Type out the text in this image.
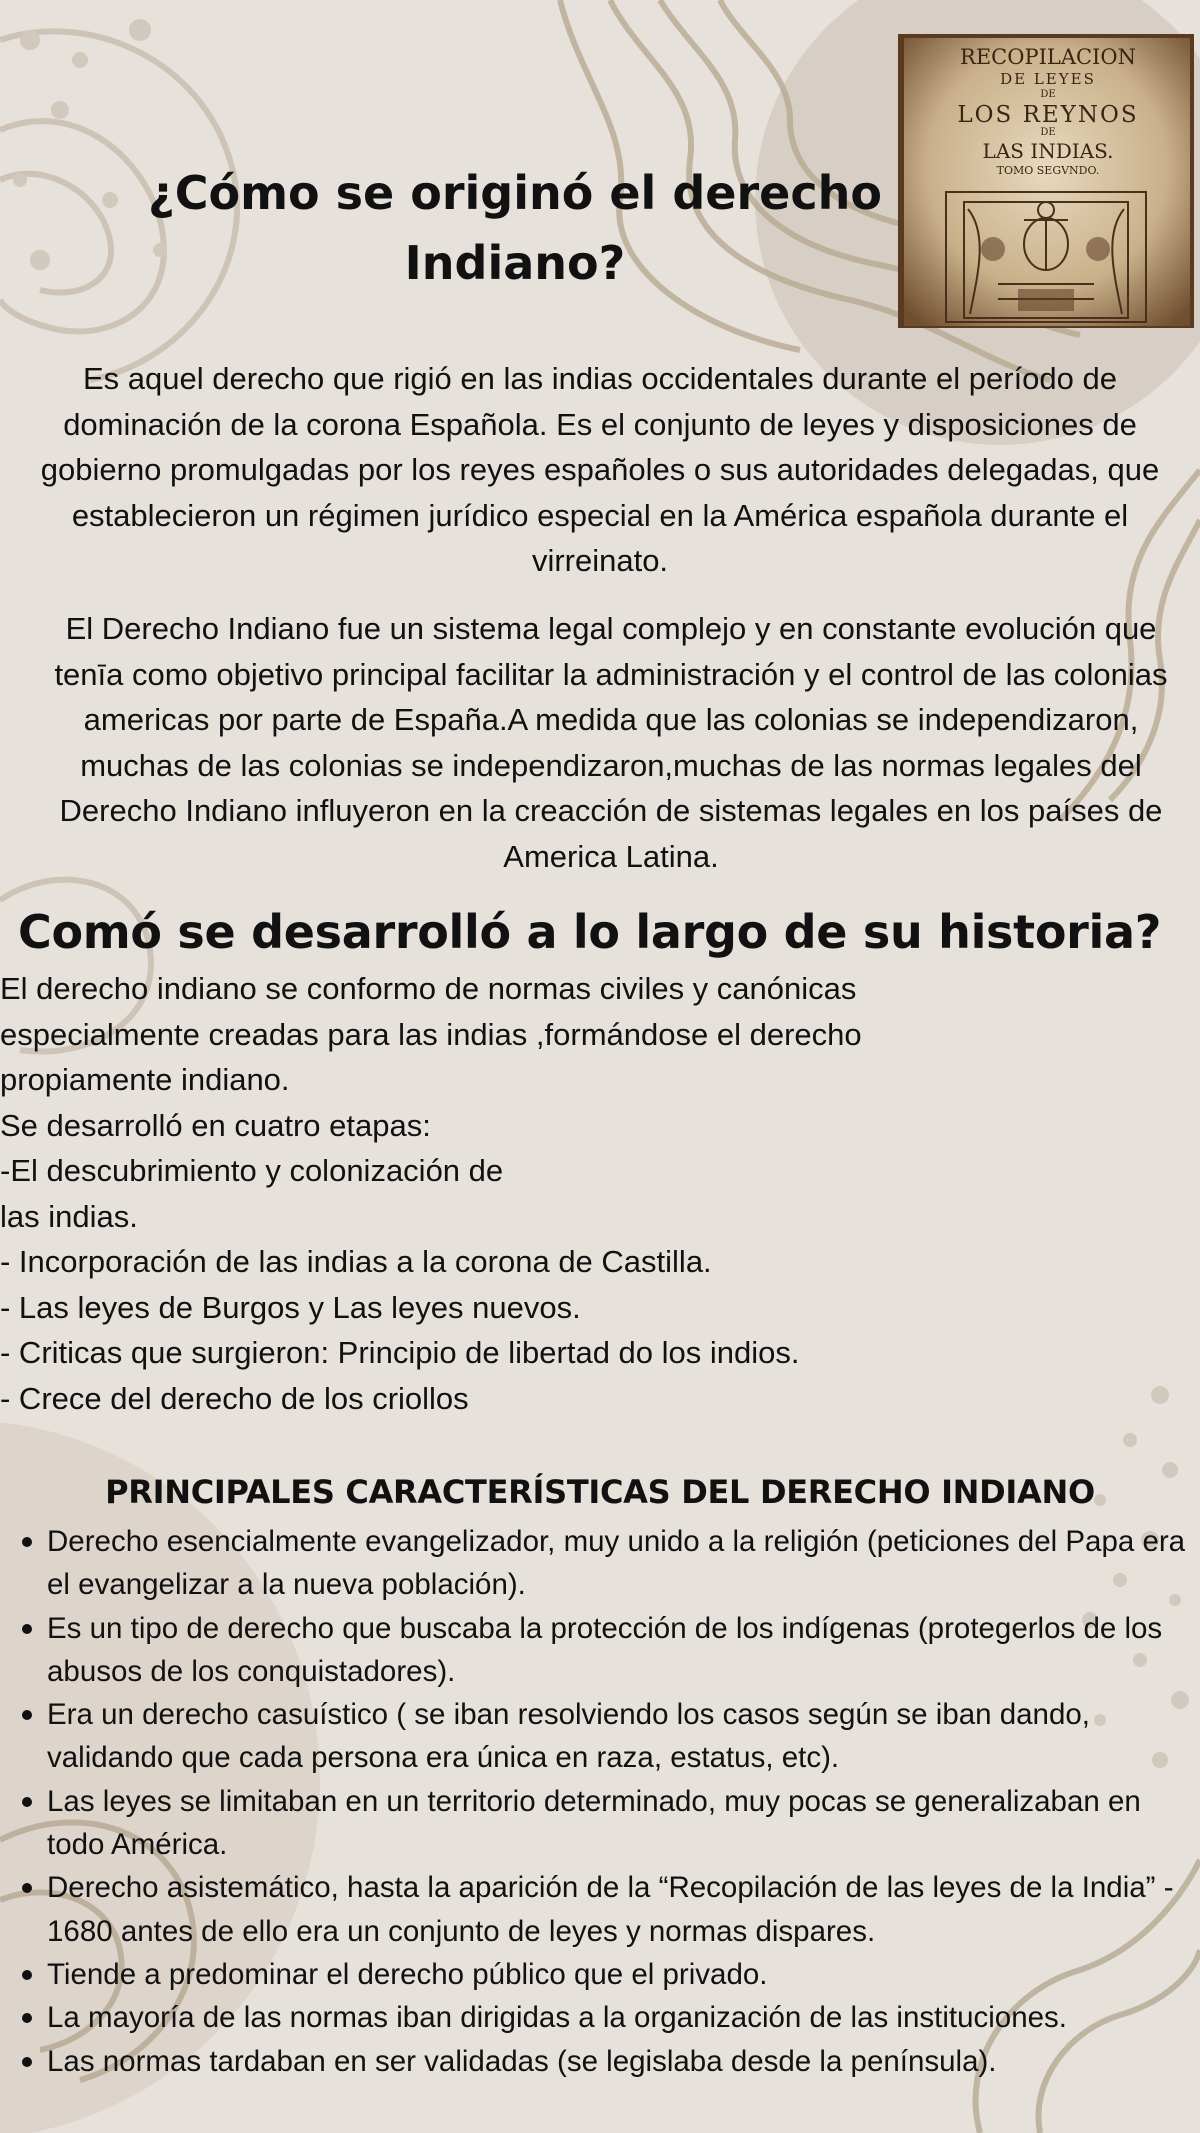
RECOPILACION
DE LEYES
DE
LOS REYNOS
DE
LAS INDIAS.
TOMO SEGVNDO.
¿Cómo se originó el derecho Indiano?

Es aquel derecho que rigió en las indias occidentales durante el período de dominación de la corona Española. Es el conjunto de leyes y disposiciones de gobierno promulgadas por los reyes españoles o sus autoridades delegadas, que establecieron un régimen jurídico especial en la América española durante el virreinato.

El Derecho Indiano fue un sistema legal complejo y en constante evolución que tenīa como objetivo principal facilitar la administración y el control de las colonias americas por parte de España.A medida que las colonias se independizaron, muchas de las colonias se independizaron,muchas de las normas legales del Derecho Indiano influyeron en la creacción de sistemas legales en los países de America Latina.

Comó se desarrolló a lo largo de su historia?
El derecho indiano se conformo de normas civiles y canónicas
especialmente creadas para las indias ,formándose el derecho
propiamente indiano.
Se desarrolló en cuatro etapas:
-El descubrimiento y colonización de
las indias.
- Incorporación de las indias a la corona de Castilla.
- Las leyes de Burgos y Las leyes nuevos.
- Criticas que surgieron: Principio de libertad do los indios.
- Crece del derecho de los criollos
PRINCIPALES CARACTERÍSTICAS DEL DERECHO INDIANO
Derecho esencialmente evangelizador, muy unido a la religión (peticiones del Papa era el evangelizar a la nueva población).
Es un tipo de derecho que buscaba la protección de los indígenas (protegerlos de los abusos de los conquistadores).
Era un derecho casuístico ( se iban resolviendo los casos según se iban dando, validando que cada persona era única en raza, estatus, etc).
Las leyes se limitaban en un territorio determinado, muy pocas se generalizaban en todo América.
Derecho asistemático, hasta la aparición de la “Recopilación de las leyes de la India” - 1680 antes de ello era un conjunto de leyes y normas dispares.
Tiende a predominar el derecho público que el privado.
La mayoría de las normas iban dirigidas a la organización de las instituciones.
Las normas tardaban en ser validadas (se legislaba desde la península).
